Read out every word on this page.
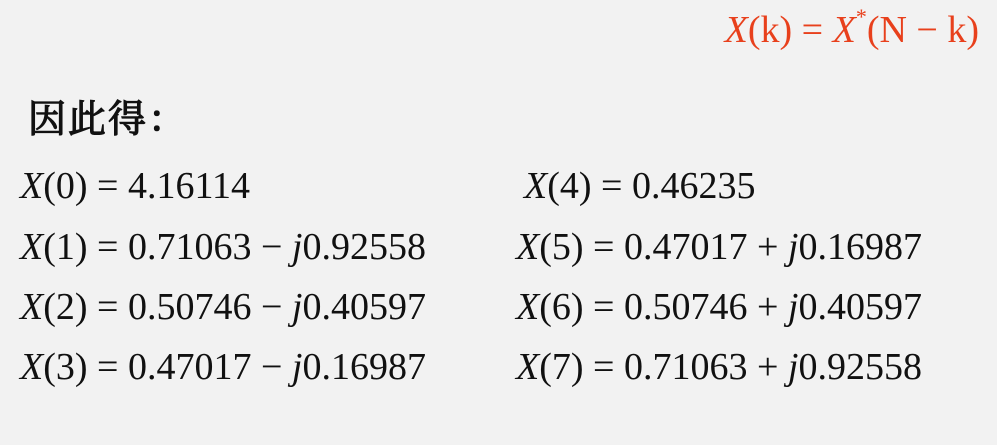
X(k) = X*(N − k)
因此得：
X(0) = 4.16114
X(1) = 0.71063 − j0.92558
X(2) = 0.50746 − j0.40597
X(3) = 0.47017 − j0.16987
X(4) = 0.46235
X(5) = 0.47017 + j0.16987
X(6) = 0.50746 + j0.40597
X(7) = 0.71063 + j0.92558
